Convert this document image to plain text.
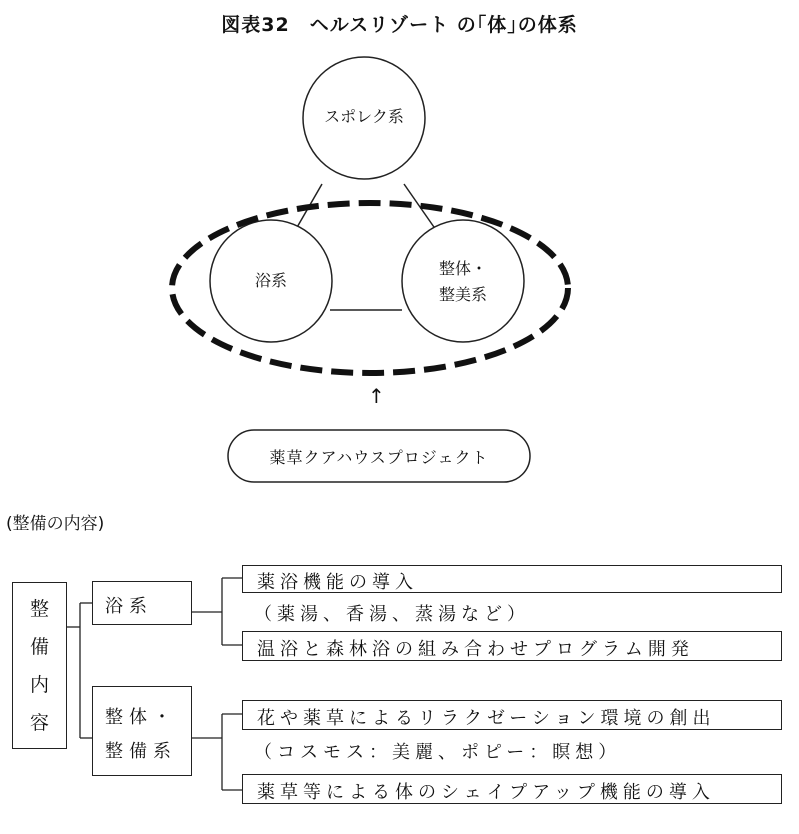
図表32　ヘルスリゾート の｢体｣の体系
スポレク系
浴系
整体・
整美系
↑
薬草クアハウスプロジェクト
(整備の内容)
整
備
内
容
浴系
整体・
整備系
薬浴機能の導入
（薬湯、香湯、蒸湯など）
温浴と森林浴の組み合わせプログラム開発
花や薬草によるリラクゼーション環境の創出
（コスモス：美麗、ポピー：瞑想）
薬草等による体のシェイプアップ機能の導入
